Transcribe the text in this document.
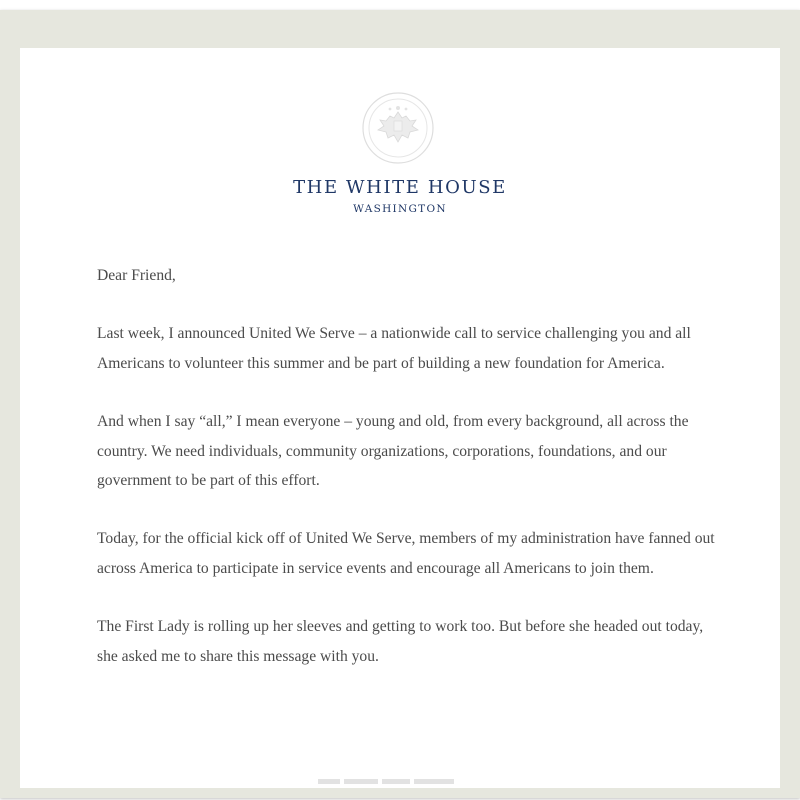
THE WHITE HOUSE
WASHINGTON

Dear Friend,

Last week, I announced United We Serve – a nationwide call to service challenging you and all Americans to volunteer this summer and be part of building a new foundation for America.

And when I say “all,” I mean everyone – young and old, from every background, all across the country. We need individuals, community organizations, corporations, foundations, and our government to be part of this effort.

Today, for the official kick off of United We Serve, members of my administration have fanned out across America to participate in service events and encourage all Americans to join them.

The First Lady is rolling up her sleeves and getting to work too. But before she headed out today, she asked me to share this message with you.
